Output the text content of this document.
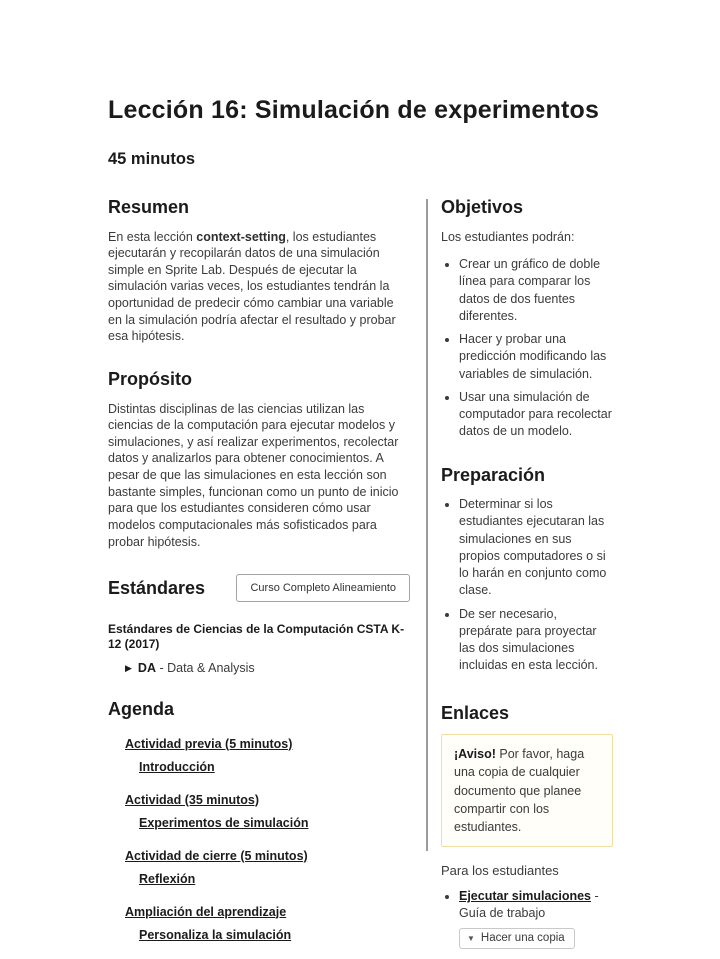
Lección 16: Simulación de experimentos
45 minutos
Resumen

En esta lección context-setting, los estudiantes ejecutarán y recopilarán datos de una simulación simple en Sprite Lab. Después de ejecutar la simulación varias veces, los estudiantes tendrán la oportunidad de predecir cómo cambiar una variable en la simulación podría afectar el resultado y probar esa hipótesis.

Propósito

Distintas disciplinas de las ciencias utilizan las ciencias de la computación para ejecutar modelos y simulaciones, y así realizar experimentos, recolectar datos y analizarlos para obtener conocimientos. A pesar de que las simulaciones en esta lección son bastante simples, funcionan como un punto de inicio para que los estudiantes consideren cómo usar modelos computacionales más sofisticados para probar hipótesis.

Estándares	Curso Completo Alineamiento
Estándares de Ciencias de la Computación CSTA K-12 (2017)
▶ DA - Data & Analysis
Agenda
Actividad previa (5 minutos)
Introducción
Actividad (35 minutos)
Experimentos de simulación
Actividad de cierre (5 minutos)
Reflexión
Ampliación del aprendizaje
Personaliza la simulación
Objetivos

Los estudiantes podrán:

• Crear un gráfico de doble línea para comparar los datos de dos fuentes diferentes.
• Hacer y probar una predicción modificando las variables de simulación.
• Usar una simulación de computador para recolectar datos de un modelo.
Preparación
• Determinar si los estudiantes ejecutaran las simulaciones en sus propios computadores o si lo harán en conjunto como clase.
• De ser necesario, prepárate para proyectar las dos simulaciones incluidas en esta lección.
Enlaces
¡Aviso! Por favor, haga una copia de cualquier documento que planee compartir con los estudiantes.
Para los estudiantes
• Ejecutar simulaciones - Guía de trabajo

▼ Hacer una copia
